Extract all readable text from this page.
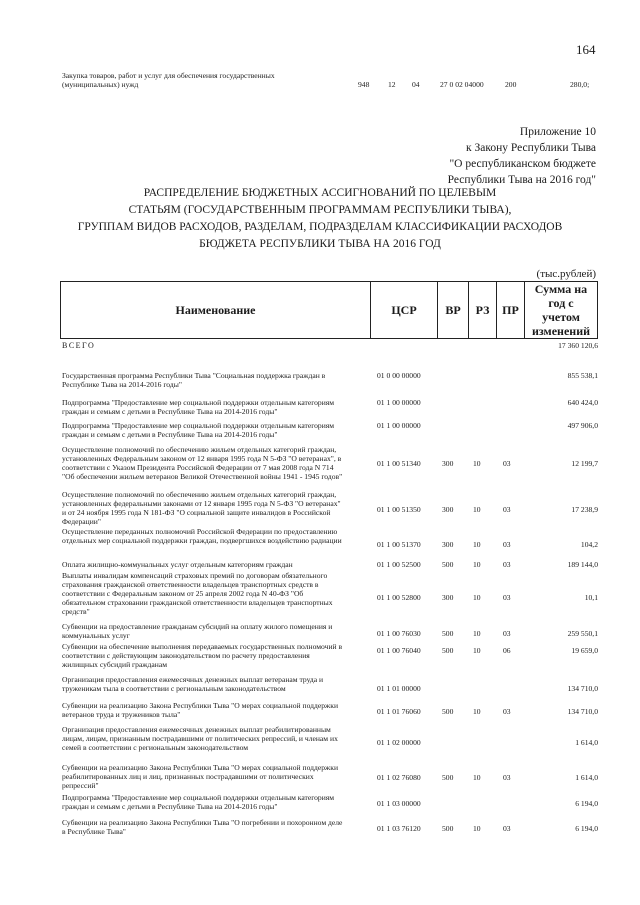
164
Закупка товаров, работ и услуг для обеспечения государственных (муниципальных) нужд	948 12 04	27 0 02 04000	200	280,0;
Приложение 10
к Закону Республики Тыва
"О республиканском бюджете
Республики Тыва на 2016 год"
РАСПРЕДЕЛЕНИЕ БЮДЖЕТНЫХ АССИГНОВАНИЙ ПО ЦЕЛЕВЫМ
СТАТЬЯМ (ГОСУДАРСТВЕННЫМ ПРОГРАММАМ РЕСПУБЛИКИ ТЫВА),
ГРУППАМ ВИДОВ РАСХОДОВ, РАЗДЕЛАМ, ПОДРАЗДЕЛАМ КЛАССИФИКАЦИИ РАСХОДОВ
БЮДЖЕТА РЕСПУБЛИКИ ТЫВА НА 2016 ГОД
(тыс.рублей)
Наименование	ЦСР ВР РЗ ПР
Сумма на
год с
учетом
изменений
ВСЕГО	17 360 120,6
Государственная программа Республики Тыва "Социальная поддержка граждан в Республике Тыва на 2014-2016 годы"
01 0 00 00000	855 538,1
Подпрограмма "Предоставление мер социальной поддержки отдельным категориям граждан и семьям с детьми в Республике Тыва на 2014-2016 годы"
01 1 00 00000	640 424,0
Подпрограмма "Предоставление мер социальной поддержки отдельным категориям граждан и семьям с детьми в Республике Тыва на 2014-2016 годы"
01 1 00 00000	497 906,0
Осуществление полномочий по обеспечению жильем отдельных категорий граждан, установленных Федеральным законом от 12 января 1995 года N 5-ФЗ "О ветеранах", в соответствии с Указом Президента Российской Федерации от 7 мая 2008 года N 714 "Об обеспечении жильем ветеранов Великой Отечественной войны 1941 - 1945 годов"
01 1 00 51340	300	10	03	12 199,7
Осуществление полномочий по обеспечению жильем отдельных категорий граждан, установленных федеральными законами от 12 января 1995 года N 5-ФЗ "О ветеранах" и от 24 ноября 1995 года N 181-ФЗ "О социальной защите инвалидов в Российской Федерации"
01 1 00 51350	300	10	03	17 238,9
Осуществление переданных полномочий Российской Федерации по предоставлению отдельных мер социальной поддержки граждан, подвергшихся воздействию радиации	01 1 00 51370	300	10	03	104,2
Оплата жилищно-коммунальных услуг отдельным категориям граждан	01 1 00 52500	500	10	03	189 144,0
Выплаты инвалидам компенсаций страховых премий по договорам обязательного страхования гражданской ответственности владельцев транспортных средств в соответствии с Федеральным законом от 25 апреля 2002 года N 40-ФЗ "Об обязательном страховании гражданской ответственности владельцев транспортных средств"
01 1 00 52800	300	10	03	10,1
Субвенции на предоставление гражданам субсидий на оплату жилого помещения и коммунальных услуг	01 1 00 76030	500	10	03	259 550,1
Субвенции на обеспечение выполнения передаваемых государственных полномочий в соответствии с действующим законодательством по расчету предоставления жилищных субсидий гражданам
01 1 00 76040	500	10	06	19 659,0
Организация предоставления ежемесячных денежных выплат ветеранам труда и труженикам тыла в соответствии с региональным законодательством	01 1 01 00000	134 710,0
Субвенции на реализацию Закона Республики Тыва "О мерах социальной поддержки ветеранов труда и тружеников тыла"	01 1 01 76060	500	10	03	134 710,0
Организация предоставления ежемесячных денежных выплат реабилитированным лицам, лицам, признанным пострадавшими от политических репрессий, и членам их семей в соответствии с региональным законодательством
01 1 02 00000	1 614,0
Субвенции на реализацию Закона Республики Тыва "О мерах социальной поддержки реабилитированных лиц и лиц, признанных пострадавшими от политических репрессий"
01 1 02 76080	500	10	03	1 614,0
Подпрограмма "Предоставление мер социальной поддержки отдельным категориям граждан и семьям с детьми в Республике Тыва на 2014-2016 годы"	01 1 03 00000	6 194,0
Субвенции на реализацию Закона Республики Тыва "О погребении и похоронном деле в Республике Тыва"	01 1 03 76120	500	10	03	6 194,0
